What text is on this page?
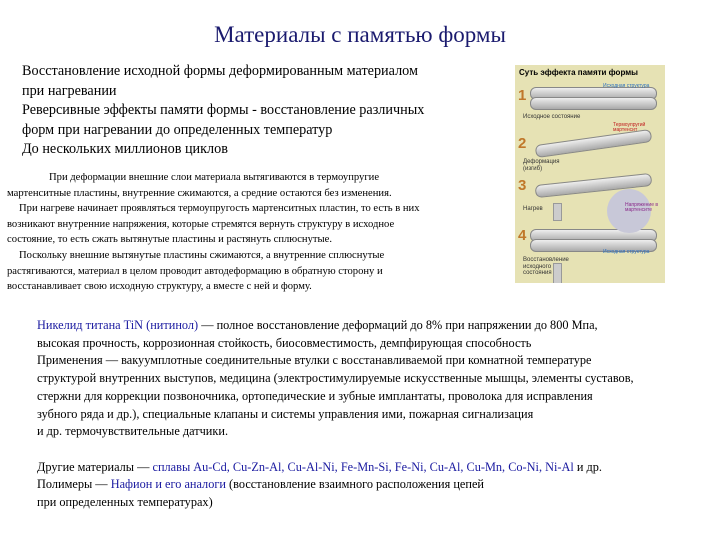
Материалы с памятью формы
Восстановление исходной формы деформированным материалом
при нагревании
Реверсивные эффекты памяти формы - восстановление различных
форм при нагревании до определенных температур
До нескольких миллионов циклов
При деформации внешние слои материала вытягиваются в термоупругие
мартенситные пластины, внутренние сжимаются, а средние остаются без изменения.
При нагреве начинает проявляться термоупругость мартенситных пластин, то есть в них
возникают внутренние напряжения, которые стремятся вернуть структуру в исходное
состояние, то есть сжать вытянутые пластины и растянуть сплюснутые.
Поскольку внешние вытянутые пластины сжимаются, а внутренние сплюснутые
растягиваются, материал в целом проводит автодеформацию в обратную сторону и
восстанавливает свою исходную структуру, а вместе с ней и форму.
Суть эффекта памяти формы
1
2
3
4
Исходное состояние
Деформация (изгиб)
Нагрев
Восстановление исходного состояния
Исходная структура
Термоупругий мартенсит
Напряжение в мартенсите
Исходная структура
Никелид титана TiN (нитинол) — полное восстановление деформаций до 8% при напряжении до 800 Мпа,
высокая прочность, коррозионная стойкость, биосовместимость, демпфирующая способность
Применения — вакуумплотные соединительные втулки с восстанавливаемой при комнатной температуре
структурой внутренних выступов, медицина (электростимулируемые искусственные мышцы, элементы суставов,
стержни для коррекции позвоночника, ортопедические и зубные имплантаты, проволока для исправления
зубного ряда и др.), специальные клапаны и системы управления ими, пожарная сигнализация
и др. термочувствительные датчики.
Другие материалы — сплавы Au-Cd, Cu-Zn-Al, Cu-Al-Ni, Fe-Mn-Si, Fe-Ni, Cu-Al, Cu-Mn, Co-Ni, Ni-Al и др.
Полимеры — Нафион и его аналоги (восстановление взаимного расположения цепей
при определенных температурах)
